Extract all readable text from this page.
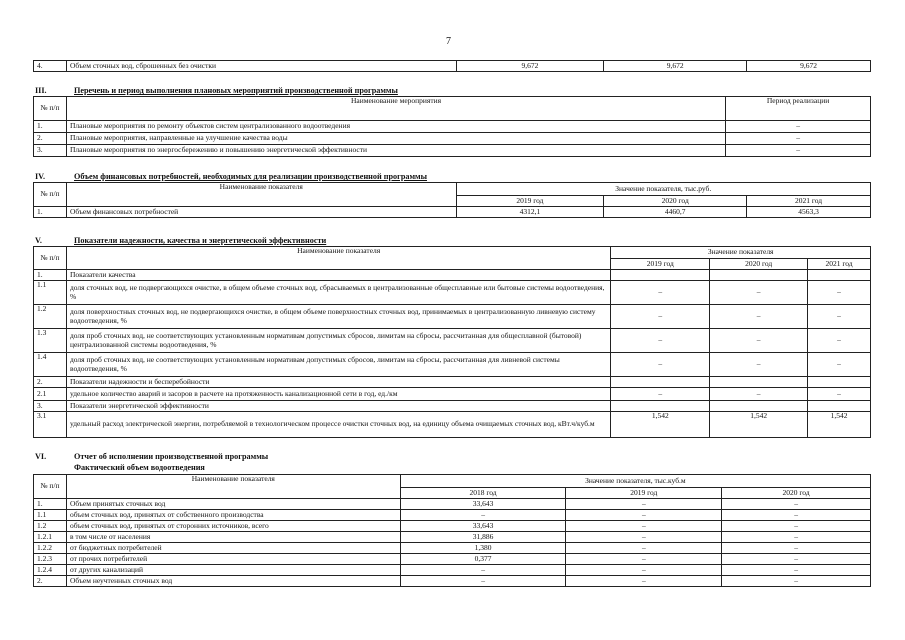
7
4.	Объем сточных вод, сброшенных без очистки	9,672	9,672	9,672
III.	Перечень и период выполнения плановых мероприятий производственной программы
№ п/п	Наименование мероприятия	Период реализации
1.	Плановые мероприятия по ремонту объектов систем централизованного водоотведения	–
2.	Плановые мероприятия, направленные на улучшение качества воды	–
3.	Плановые мероприятия по энергосбережению и повышению энергетической эффективности	–
IV.	Объем финансовых потребностей, необходимых для реализации производственной программы
№ п/п	Наименование показателя	Значение показателя, тыс.руб.		
		2019 год	2020 год	2021 год
1.	Объем финансовых потребностей	4312,1	4460,7	4563,3
V.	Показатели надежности, качества и энергетической эффективности
№ п/п	Наименование показателя	Значение показателя		
		2019 год	2020 год	2021 год
1.	Показатели качества			
1.1	доля сточных вод, не подвергающихся очистке, в общем объеме сточных вод, сбрасываемых в централизованные общесплавные или бытовые системы водоотведения, %	–	–	–
1.2	доля поверхностных сточных вод, не подвергающихся очистке, в общем объеме поверхностных сточных вод, принимаемых в централизованную ливневую систему водоотведения, %	–	–	–
1.3	доля проб сточных вод, не соответствующих установленным нормативам допустимых сбросов, лимитам на сбросы, рассчитанная для общесплавной (бытовой) централизованной системы водоотведения, %	–	–	–
1.4	доля проб сточных вод, не соответствующих установленным нормативам допустимых сбросов, лимитам на сбросы, рассчитанная для ливневой системы водоотведения, %	–	–	–
2.	Показатели надежности и бесперебойности			
2.1	удельное количество аварий и засоров в расчете на протяженность канализационной сети в год, ед./км	–	–	–
3.	Показатели энергетической эффективности			
3.1	удельный расход электрической энергии, потребляемой в технологическом процессе очистки сточных вод, на единицу объема очищаемых сточных вод, кВт.ч/куб.м	1,542	1,542	1,542
VI.	Отчет об исполнении производственной программы
Фактический объем водоотведения
№ п/п	Наименование показателя	Значение показателя, тыс.куб.м		
		2018 год	2019 год	2020 год
1.	Объем принятых сточных вод	33,643	–	–
1.1	объем сточных вод, принятых от собственного производства	–	–	–
1.2	объем сточных вод, принятых от сторонних источников, всего	33,643	–	–
1.2.1	в том числе от населения	31,886	–	–
1.2.2	от бюджетных потребителей	1,380	–	–
1.2.3	от прочих потребителей	0,377	–	–
1.2.4	от других канализаций	–	–	–
2.	Объем неучтенных сточных вод	–	–	–
